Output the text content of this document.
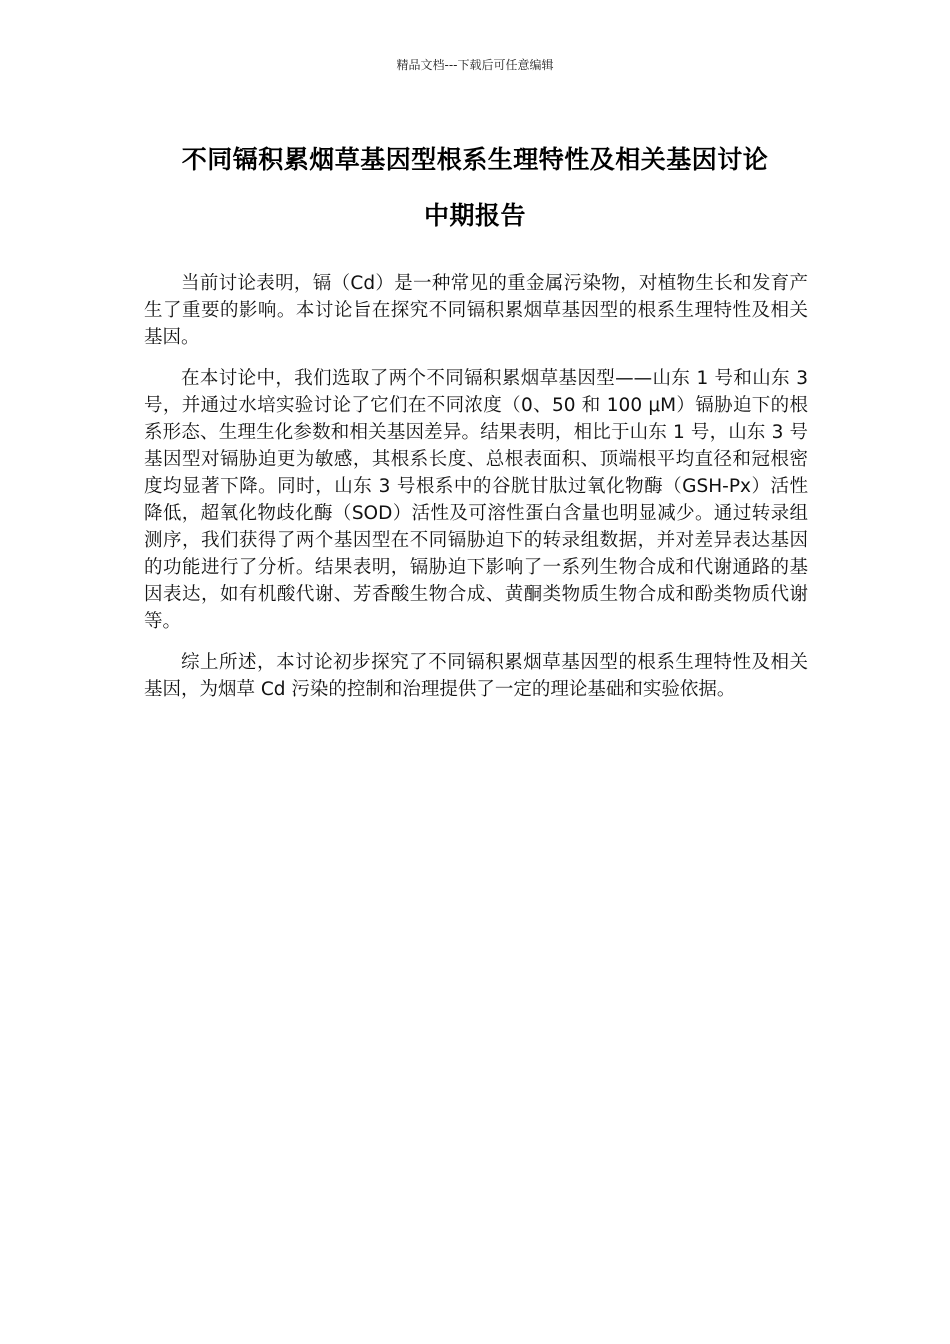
精品文档---下载后可任意编辑
不同镉积累烟草基因型根系生理特性及相关基因讨论
中期报告

当前讨论表明，镉（Cd）是一种常见的重金属污染物，对植物生长和发育产生了重要的影响。本讨论旨在探究不同镉积累烟草基因型的根系生理特性及相关基因。

在本讨论中，我们选取了两个不同镉积累烟草基因型——山东 1 号和山东 3 号，并通过水培实验讨论了它们在不同浓度（0、50 和 100 μM）镉胁迫下的根系形态、生理生化参数和相关基因差异。结果表明，相比于山东 1 号，山东 3 号基因型对镉胁迫更为敏感，其根系长度、总根表面积、顶端根平均直径和冠根密度均显著下降。同时，山东 3 号根系中的谷胱甘肽过氧化物酶（GSH-Px）活性降低，超氧化物歧化酶（SOD）活性及可溶性蛋白含量也明显减少。通过转录组测序，我们获得了两个基因型在不同镉胁迫下的转录组数据，并对差异表达基因的功能进行了分析。结果表明，镉胁迫下影响了一系列生物合成和代谢通路的基因表达，如有机酸代谢、芳香酸生物合成、黄酮类物质生物合成和酚类物质代谢等。

综上所述，本讨论初步探究了不同镉积累烟草基因型的根系生理特性及相关基因，为烟草 Cd 污染的控制和治理提供了一定的理论基础和实验依据。
